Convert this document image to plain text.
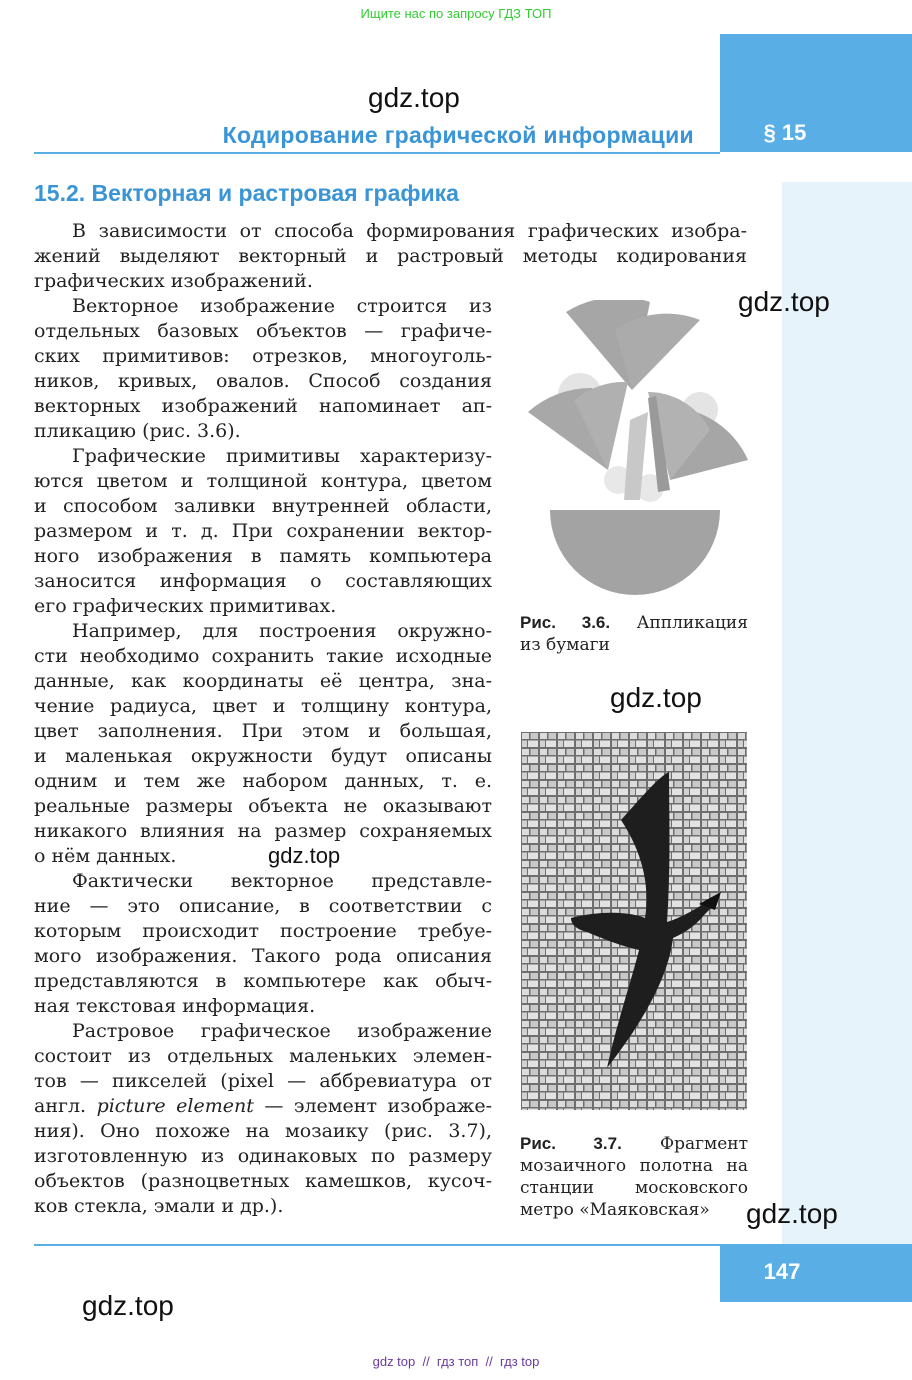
Ищите нас по запросу ГДЗ ТОП
§ 15
Кодирование графической информации
gdz.top
gdz.top
gdz.top
gdz.top
gdz.top
gdz.top
15.2. Векторная и растровая графика
В зависимости от способа формирования графических изобра-
жений выделяют векторный и растровый методы кодирования
графических изображений.
Векторное изображение строится из
отдельных базовых объектов — графиче-
ских примитивов: отрезков, многоуголь-
ников, кривых, овалов. Способ создания
векторных изображений напоминает ап-
пликацию (рис. 3.6).
Графические примитивы характеризу-
ются цветом и толщиной контура, цветом
и способом заливки внутренней области,
размером и т. д. При сохранении вектор-
ного изображения в память компьютера
заносится информация о составляющих
его графических примитивах.
Например, для построения окружно-
сти необходимо сохранить такие исходные
данные, как координаты её центра, зна-
чение радиуса, цвет и толщину контура,
цвет заполнения. При этом и большая,
и маленькая окружности будут описаны
одним и тем же набором данных, т. е.
реальные размеры объекта не оказывают
никакого влияния на размер сохраняемых
о нём данных.
Фактически векторное представле-
ние — это описание, в соответствии с
которым происходит построение требуе-
мого изображения. Такого рода описания
представляются в компьютере как обыч-
ная текстовая информация.
Растровое графическое изображение
состоит из отдельных маленьких элемен-
тов — пикселей (pixel — аббревиатура от
англ. picture element — элемент изображе-
ния). Оно похоже на мозаику (рис. 3.7),
изготовленную из одинаковых по размеру
объектов (разноцветных камешков, кусоч-
ков стекла, эмали и др.).
Рис. 3.6. Аппликация
из бумаги
Рис. 3.7. Фрагмент
мозаичного полотна на
станции московского
метро «Маяковская»
147
gdz top  //  гдз топ  //  гдз top
